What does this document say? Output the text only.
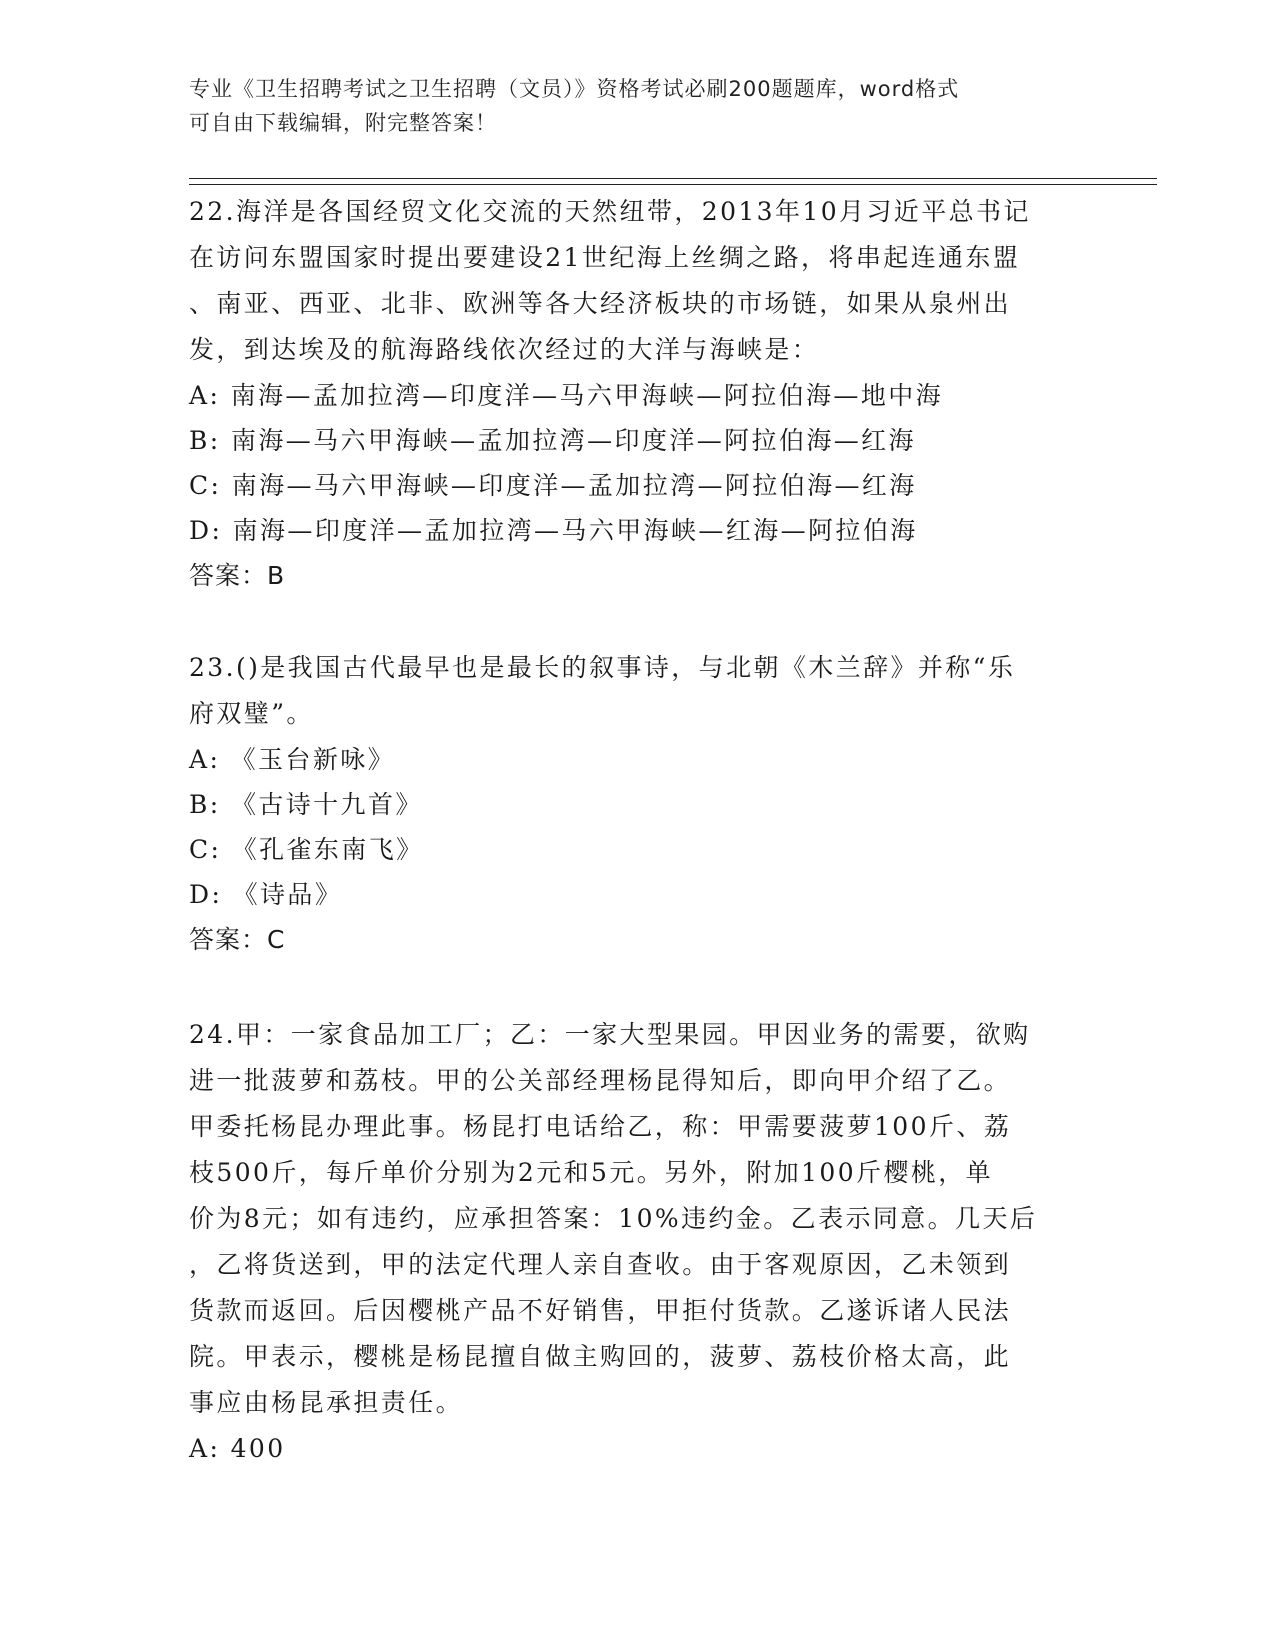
专业《卫生招聘考试之卫生招聘（文员）》资格考试必刷200题题库，word格式
可自由下载编辑，附完整答案！
22.海洋是各国经贸文化交流的天然纽带，2013年10月习近平总书记
在访问东盟国家时提出要建设21世纪海上丝绸之路，将串起连通东盟
、南亚、西亚、北非、欧洲等各大经济板块的市场链，如果从泉州出
发，到达埃及的航海路线依次经过的大洋与海峡是：
A: 南海—孟加拉湾—印度洋—马六甲海峡—阿拉伯海—地中海
B: 南海—马六甲海峡—孟加拉湾—印度洋—阿拉伯海—红海
C: 南海—马六甲海峡—印度洋—孟加拉湾—阿拉伯海—红海
D: 南海—印度洋—孟加拉湾—马六甲海峡—红海—阿拉伯海
答案：B
23.()是我国古代最早也是最长的叙事诗，与北朝《木兰辞》并称“乐
府双璧”。
A: 《玉台新咏》
B: 《古诗十九首》
C: 《孔雀东南飞》
D: 《诗品》
答案：C
24.甲：一家食品加工厂；乙：一家大型果园。甲因业务的需要，欲购
进一批菠萝和荔枝。甲的公关部经理杨昆得知后，即向甲介绍了乙。
甲委托杨昆办理此事。杨昆打电话给乙，称：甲需要菠萝100斤、荔
枝500斤，每斤单价分别为2元和5元。另外，附加100斤樱桃，单
价为8元；如有违约，应承担答案：10%违约金。乙表示同意。几天后
，乙将货送到，甲的法定代理人亲自查收。由于客观原因，乙未领到
货款而返回。后因樱桃产品不好销售，甲拒付货款。乙遂诉诸人民法
院。甲表示，樱桃是杨昆擅自做主购回的，菠萝、荔枝价格太高，此
事应由杨昆承担责任。
A: 400
